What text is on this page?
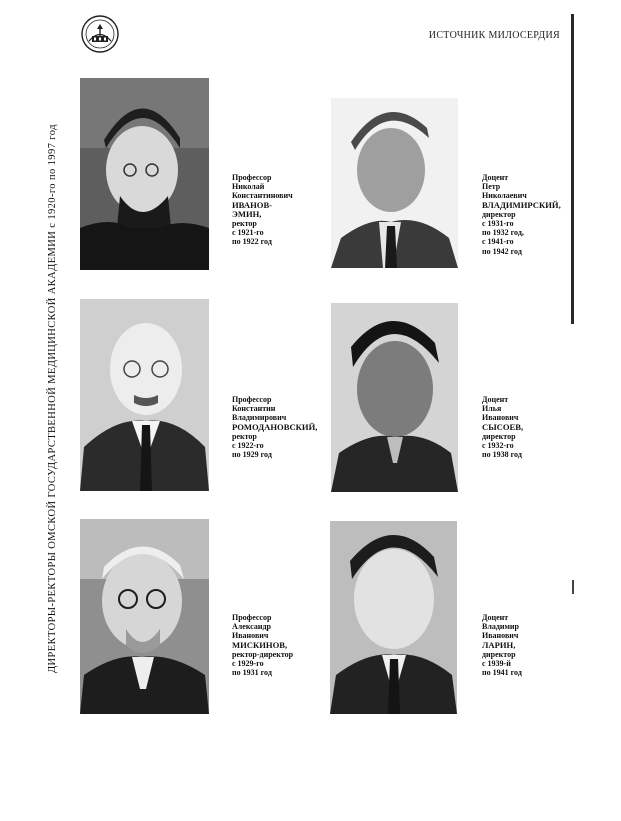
ИСТОЧНИК МИЛОСЕРДИЯ
ДИРЕКТОРЫ-РЕКТОРЫ ОМСКОЙ ГОСУДАРСТВЕННОЙ МЕДИЦИНСКОЙ АКАДЕМИИ с 1920-го по 1997 год	Профессор
Николай
Константинович
ИВАНОВ-
ЭМИН,
ректор
с 1921-го
по 1922 год
Доцент
Петр
Николаевич
ВЛАДИМИРСКИЙ,
директор
с 1931-го
по 1932 год,
с 1941-го
по 1942 год
Профессор
Константин
Владимирович
РОМОДАНОВСКИЙ,
ректор
с 1922-го
по 1929 год
Доцент
Илья
Иванович
СЫСОЕВ,
директор
с 1932-го
по 1938 год
Профессор
Александр
Иванович
МИСКИНОВ,
ректор-директор
с 1929-го
по 1931 год
Доцент
Владимир
Иванович
ЛАРИН,
директор
с 1939-й
по 1941 год
